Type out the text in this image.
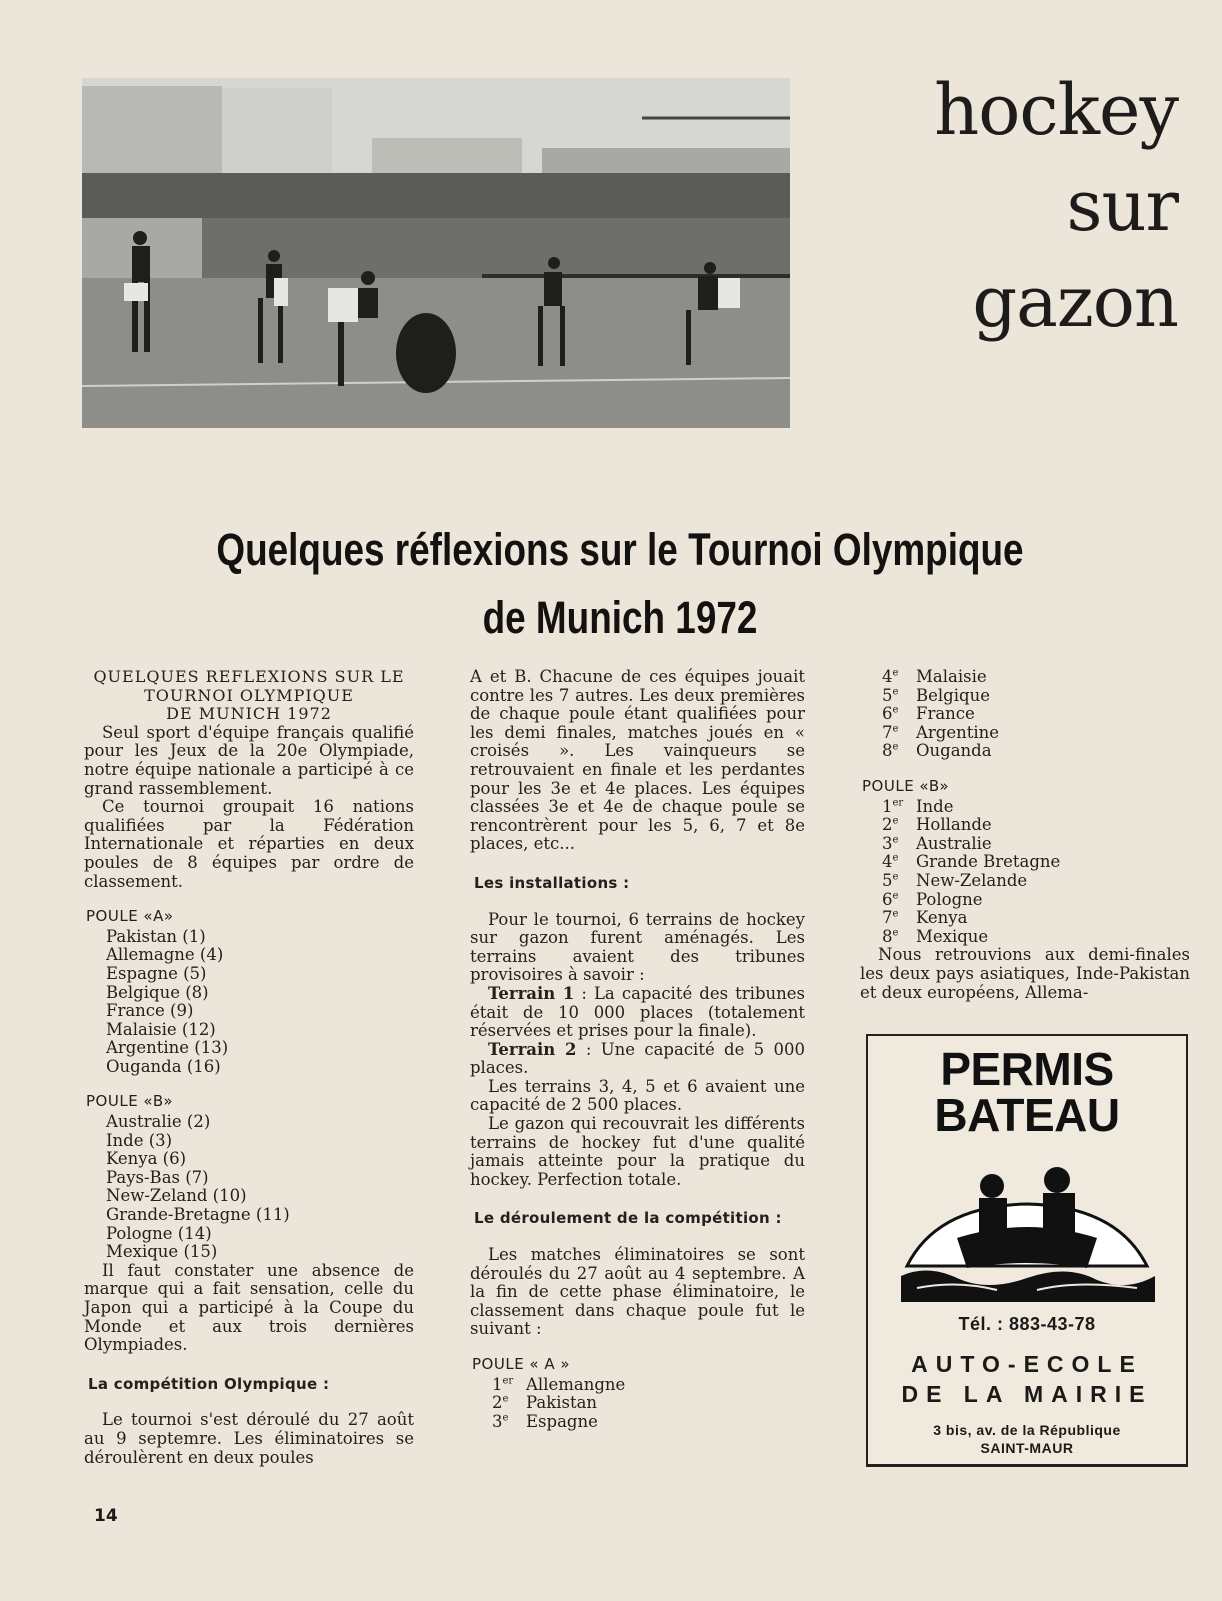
hockey
sur
gazon
Quelques réflexions sur le Tournoi Olympique
de Munich 1972
QUELQUES REFLEXIONS SUR LE
TOURNOI OLYMPIQUE
DE MUNICH 1972

Seul sport d'équipe français qualifié pour les Jeux de la 20e Olympiade, notre équipe nationale a participé à ce grand rassemblement.

Ce tournoi groupait 16 nations qualifiées par la Fédération Internationale et réparties en deux poules de 8 équipes par ordre de classement.

POULE «A»
Pakistan (1)
Allemagne (4)
Espagne (5)
Belgique (8)
France (9)
Malaisie (12)
Argentine (13)
Ouganda (16)
POULE «B»
Australie (2)
Inde (3)
Kenya (6)
Pays-Bas (7)
New-Zeland (10)
Grande-Bretagne (11)
Pologne (14)
Mexique (15)

Il faut constater une absence de marque qui a fait sensation, celle du Japon qui a participé à la Coupe du Monde et aux trois dernières Olympiades.

La compétition Olympique :

Le tournoi s'est déroulé du 27 août au 9 septemre. Les éliminatoires se déroulèrent en deux poules

A et B. Chacune de ces équipes jouait contre les 7 autres. Les deux premières de chaque poule étant qualifiées pour les demi finales, matches joués en « croisés ». Les vainqueurs se retrouvaient en finale et les perdantes pour les 3e et 4e places. Les équipes classées 3e et 4e de chaque poule se rencontrèrent pour les 5, 6, 7 et 8e places, etc...

Les installations :

Pour le tournoi, 6 terrains de hockey sur gazon furent aménagés. Les terrains avaient des tribunes provisoires à savoir :

Terrain 1 : La capacité des tribunes était de 10 000 places (totalement réservées et prises pour la finale).

Terrain 2 : Une capacité de 5 000 places.

Les terrains 3, 4, 5 et 6 avaient une capacité de 2 500 places.

Le gazon qui recouvrait les différents terrains de hockey fut d'une qualité jamais atteinte pour la pratique du hockey. Perfection totale.

Le déroulement de la compétition :

Les matches éliminatoires se sont déroulés du 27 août au 4 septembre. A la fin de cette phase éliminatoire, le classement dans chaque poule fut le suivant :

POULE « A »
1er Allemangne
2e Pakistan
3e Espagne
4e Malaisie
5e Belgique
6e France
7e Argentine
8e Ouganda
POULE «B»
1er Inde
2e Hollande
3e Australie
4e Grande Bretagne
5e New-Zelande
6e Pologne
7e Kenya
8e Mexique

Nous retrouvions aux demi-finales les deux pays asiatiques, Inde-Pakistan et deux européens, Allema-

PERMIS
BATEAU
Tél. : 883-43-78
AUTO-ECOLE
DE LA MAIRIE
3 bis, av. de la République
SAINT-MAUR
14
